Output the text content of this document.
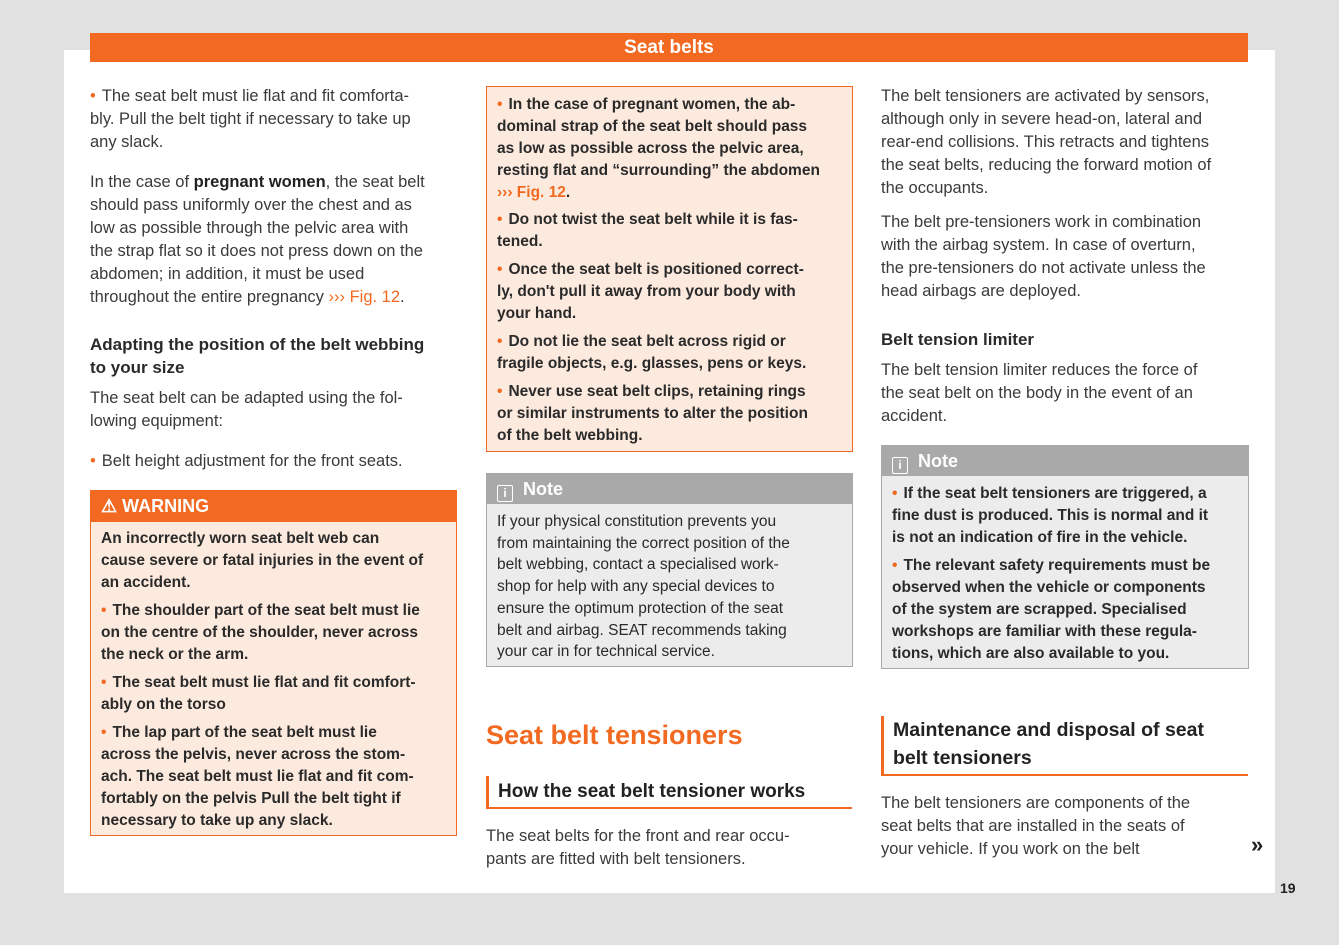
Seat belts
• The seat belt must lie flat and fit comforta-
bly. Pull the belt tight if necessary to take up
any slack.
In the case of pregnant women, the seat belt
should pass uniformly over the chest and as
low as possible through the pelvic area with
the strap flat so it does not press down on the
abdomen; in addition, it must be used
throughout the entire pregnancy ››› Fig. 12.
Adapting the position of the belt webbing
to your size
The seat belt can be adapted using the fol-
lowing equipment:
• Belt height adjustment for the front seats.
⚠ WARNING
An incorrectly worn seat belt web can
cause severe or fatal injuries in the event of
an accident.
• The shoulder part of the seat belt must lie
on the centre of the shoulder, never across
the neck or the arm.
• The seat belt must lie flat and fit comfort-
ably on the torso
• The lap part of the seat belt must lie
across the pelvis, never across the stom-
ach. The seat belt must lie flat and fit com-
fortably on the pelvis Pull the belt tight if
necessary to take up any slack.
• In the case of pregnant women, the ab-
dominal strap of the seat belt should pass
as low as possible across the pelvic area,
resting flat and “surrounding” the abdomen
››› Fig. 12.
• Do not twist the seat belt while it is fas-
tened.
• Once the seat belt is positioned correct-
ly, don't pull it away from your body with
your hand.
• Do not lie the seat belt across rigid or
fragile objects, e.g. glasses, pens or keys.
• Never use seat belt clips, retaining rings
or similar instruments to alter the position
of the belt webbing.
i Note
If your physical constitution prevents you
from maintaining the correct position of the
belt webbing, contact a specialised work-
shop for help with any special devices to
ensure the optimum protection of the seat
belt and airbag. SEAT recommends taking
your car in for technical service.
Seat belt tensioners
How the seat belt tensioner works
The seat belts for the front and rear occu-
pants are fitted with belt tensioners.
The belt tensioners are activated by sensors,
although only in severe head-on, lateral and
rear-end collisions. This retracts and tightens
the seat belts, reducing the forward motion of
the occupants.
The belt pre-tensioners work in combination
with the airbag system. In case of overturn,
the pre-tensioners do not activate unless the
head airbags are deployed.
Belt tension limiter
The belt tension limiter reduces the force of
the seat belt on the body in the event of an
accident.
i Note
• If the seat belt tensioners are triggered, a
fine dust is produced. This is normal and it
is not an indication of fire in the vehicle.
• The relevant safety requirements must be
observed when the vehicle or components
of the system are scrapped. Specialised
workshops are familiar with these regula-
tions, which are also available to you.
Maintenance and disposal of seat
belt tensioners
The belt tensioners are components of the
seat belts that are installed in the seats of
your vehicle. If you work on the belt	»
19
